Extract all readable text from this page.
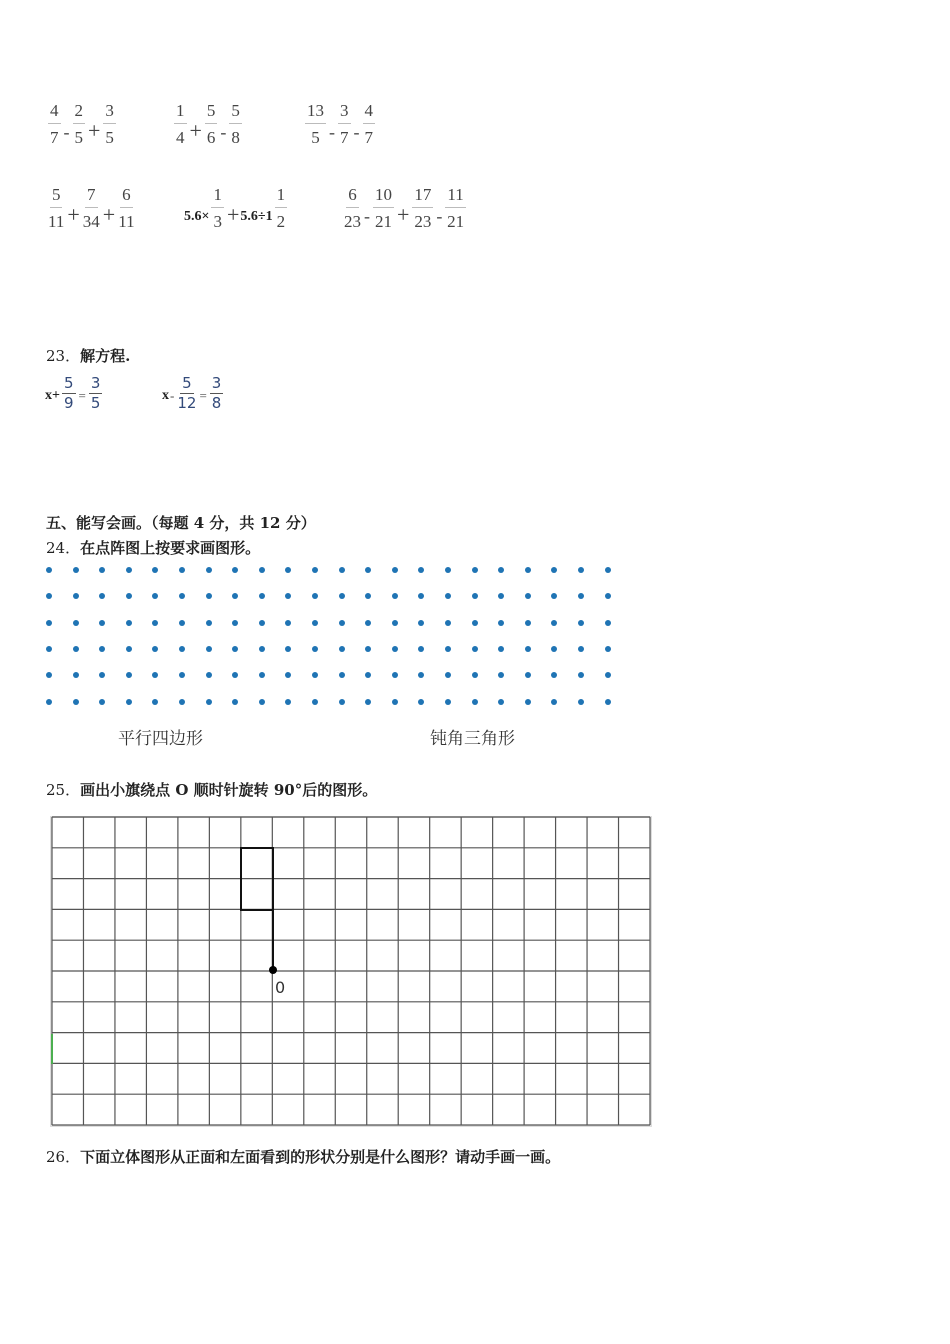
$\frac{4}{7} - \frac{2}{5} + \frac{3}{5}$	$\frac{1}{4} + \frac{5}{6} - \frac{5}{8}$	$\frac{13}{5} - \frac{3}{7} - \frac{4}{7}$
$\frac{5}{11} + \frac{7}{34} + \frac{6}{11}$	$5.6\times \frac{1}{3} + 5.6\div 1 \frac{1}{2}$	$\frac{6}{23} - \frac{10}{21} + \frac{17}{23} - \frac{11}{21}$
23．解方程.
$x+ \frac{5}{9} = \frac{3}{5}$	$x - \frac{5}{12} = \frac{3}{8}$
五、能写会画。（每题 4 分，共 12 分）
24．在点阵图上按要求画图形。
平行四边形	钝角三角形
25．画出小旗绕点 O 顺时针旋转 90°后的图形。
0
26．下面立体图形从正面和左面看到的形状分别是什么图形？请动手画一画。
